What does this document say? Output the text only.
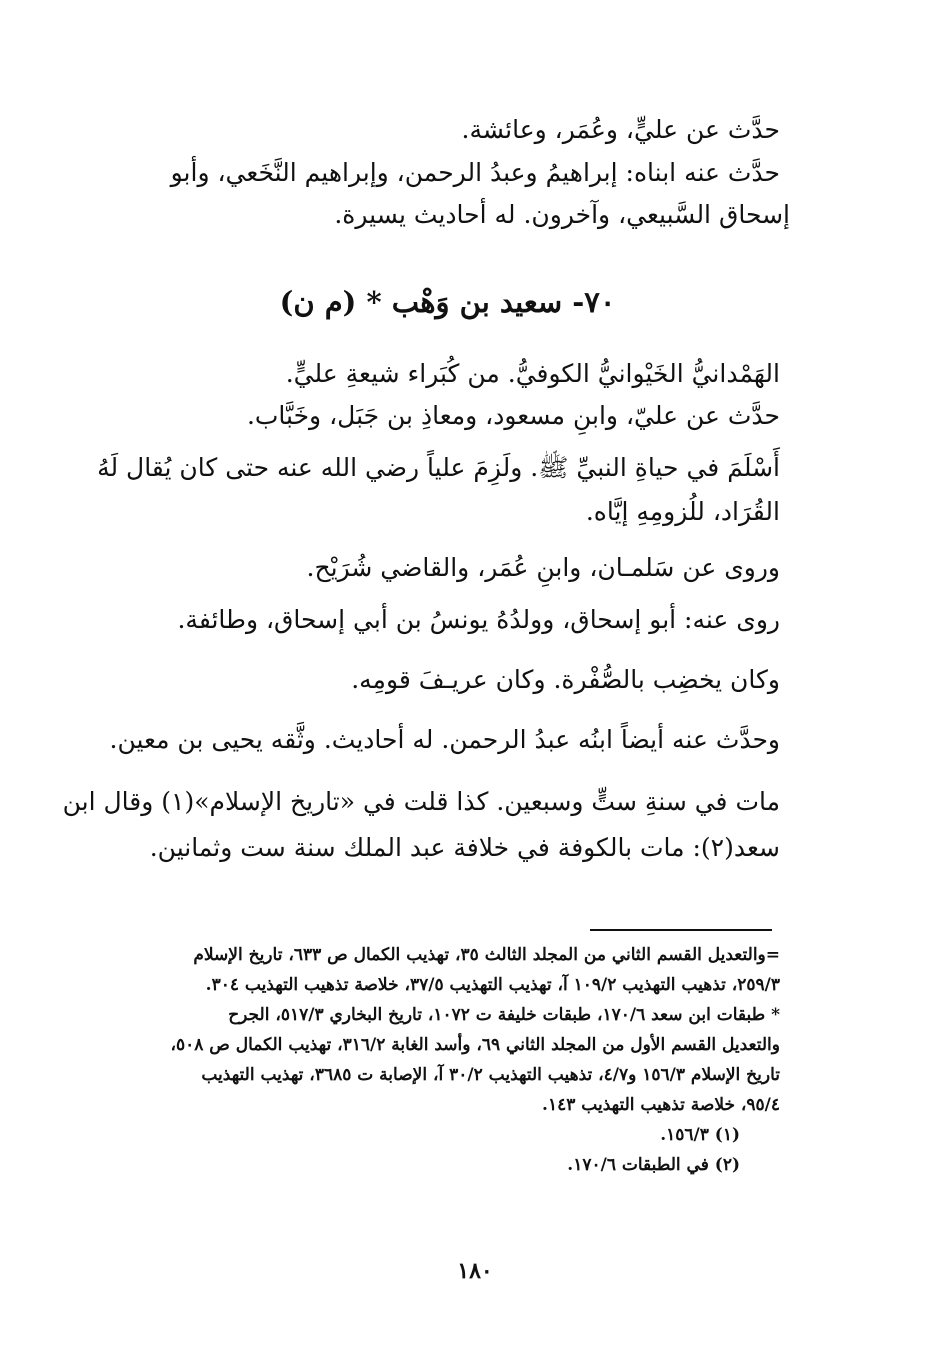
حدَّث عن عليٍّ، وعُمَر، وعائشة.
حدَّث عنه ابناه: إبراهيمُ وعبدُ الرحمن، وإبراهيم النَّخَعي، وأبو
إسحاق السَّبيعي، وآخرون. له أحاديث يسيرة.
٧٠- سعيد بن وَهْب * (م ن)
الهَمْدانيُّ الخَيْوانيُّ الكوفيُّ. من كُبَراء شيعةِ عليٍّ.
حدَّث عن عليّ، وابنِ مسعود، ومعاذِ بن جَبَل، وخَبَّاب.
أَسْلَمَ في حياةِ النبيِّ ﷺ. ولَزِمَ علياً رضي الله عنه حتى كان يُقال لَهُ
القُرَاد، للُزومِهِ إيَّاه.
وروى عن سَلمـان، وابنِ عُمَر، والقاضي شُرَيْح.
روى عنه: أبو إسحاق، وولدُهُ يونسُ بن أبي إسحاق، وطائفة.
وكان يخضِب بالصُّفْرة. وكان عريـفَ قومِه.
وحدَّث عنه أيضاً ابنُه عبدُ الرحمن. له أحاديث. وثَّقه يحيى بن معين.
مات في سنةِ ستٍّ وسبعين. كذا قلت في «تاريخ الإسلام»(١) وقال ابن
سعد(٢): مات بالكوفة في خلافة عبد الملك سنة ست وثمانين.
=والتعديل القسم الثاني من المجلد الثالث ٣٥، تهذيب الكمال ص ٦٣٣، تاريخ الإسلام
٢٥٩/٣، تذهيب التهذيب ١٠٩/٢ آ، تهذيب التهذيب ٣٧/٥، خلاصة تذهيب التهذيب ٣٠٤.
* طبقات ابن سعد ١٧٠/٦، طبقات خليفة ت ١٠٧٢، تاريخ البخاري ٥١٧/٣، الجرح
والتعديل القسم الأول من المجلد الثاني ٦٩، وأسد الغابة ٣١٦/٢، تهذيب الكمال ص ٥٠٨،
تاريخ الإسلام ١٥٦/٣ و٤/٧، تذهيب التهذيب ٣٠/٢ آ، الإصابة ت ٣٦٨٥، تهذيب التهذيب
٩٥/٤، خلاصة تذهيب التهذيب ١٤٣.
(١) ١٥٦/٣.
(٢) في الطبقات ١٧٠/٦.
١٨٠
